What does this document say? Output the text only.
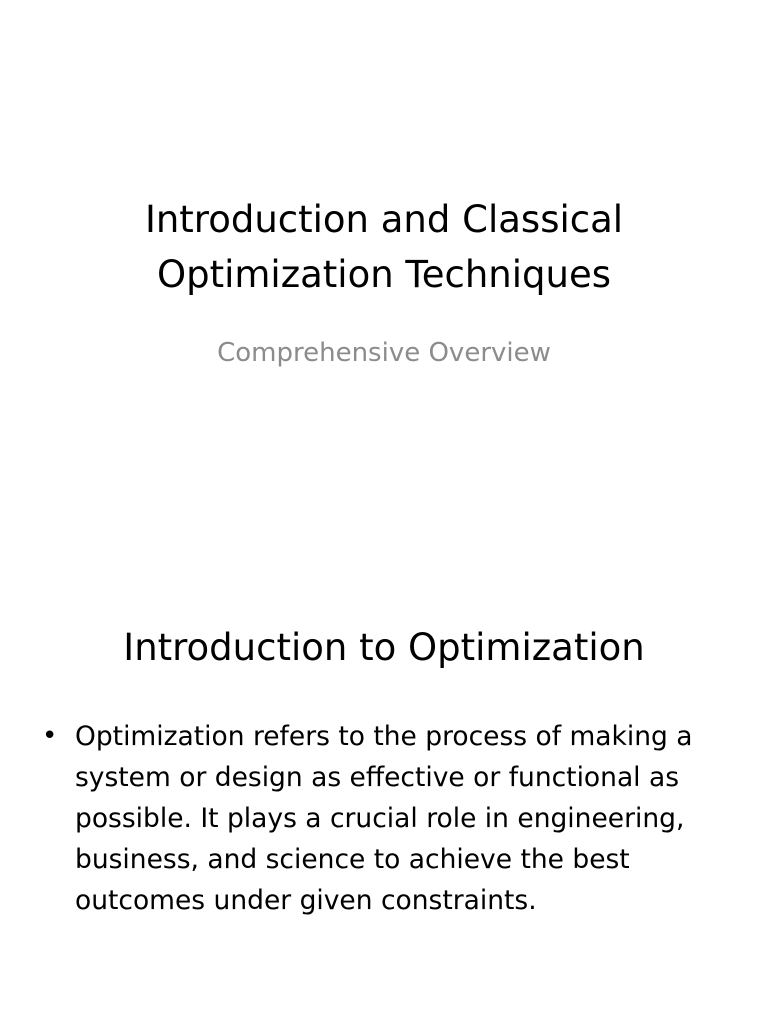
Introduction and Classical
Optimization Techniques

Comprehensive Overview

Introduction to Optimization
• Optimization refers to the process of making a system or design as effective or functional as possible. It plays a crucial role in engineering, business, and science to achieve the best outcomes under given constraints.
